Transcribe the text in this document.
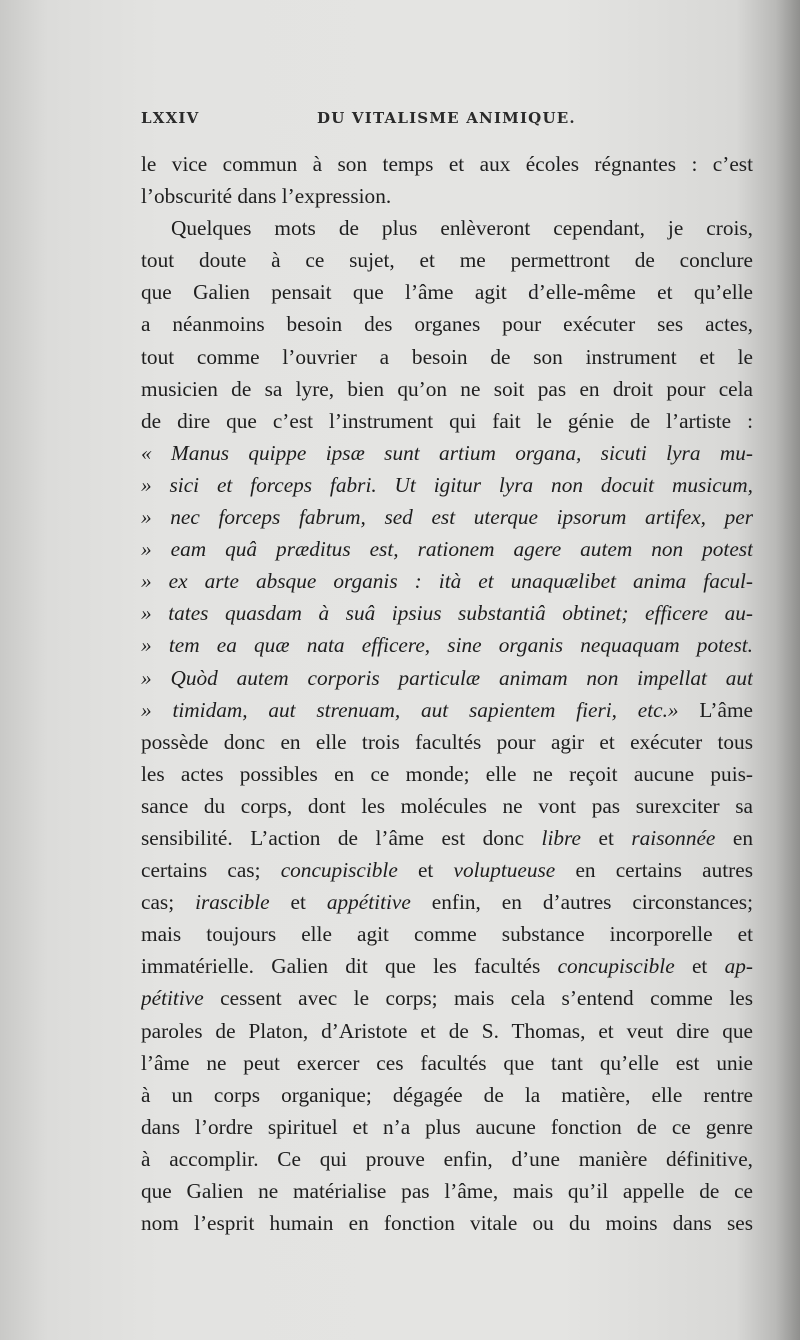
LXXIV	DU VITALISME ANIMIQUE.
le vice commun à son temps et aux écoles régnantes : c’est
l’obscurité dans l’expression.
Quelques mots de plus enlèveront cependant, je crois,
tout doute à ce sujet, et me permettront de conclure
que Galien pensait que l’âme agit d’elle-même et qu’elle
a néanmoins besoin des organes pour exécuter ses actes,
tout comme l’ouvrier a besoin de son instrument et le
musicien de sa lyre, bien qu’on ne soit pas en droit pour cela
de dire que c’est l’instrument qui fait le génie de l’artiste :
« Manus quippe ipsæ sunt artium organa, sicuti lyra mu-
» sici et forceps fabri. Ut igitur lyra non docuit musicum,
» nec forceps fabrum, sed est uterque ipsorum artifex, per
» eam quâ præditus est, rationem agere autem non potest
» ex arte absque organis : ità et unaquælibet anima facul-
» tates quasdam à suâ ipsius substantiâ obtinet; efficere au-
» tem ea quæ nata efficere, sine organis nequaquam potest.
» Quòd autem corporis particulæ animam non impellat aut
» timidam, aut strenuam, aut sapientem fieri, etc.» L’âme
possède donc en elle trois facultés pour agir et exécuter tous
les actes possibles en ce monde; elle ne reçoit aucune puis-
sance du corps, dont les molécules ne vont pas surexciter sa
sensibilité. L’action de l’âme est donc libre et raisonnée en
certains cas; concupiscible et voluptueuse en certains autres
cas; irascible et appétitive enfin, en d’autres circonstances;
mais toujours elle agit comme substance incorporelle et
immatérielle. Galien dit que les facultés concupiscible et ap-
pétitive cessent avec le corps; mais cela s’entend comme les
paroles de Platon, d’Aristote et de S. Thomas, et veut dire que
l’âme ne peut exercer ces facultés que tant qu’elle est unie
à un corps organique; dégagée de la matière, elle rentre
dans l’ordre spirituel et n’a plus aucune fonction de ce genre
à accomplir. Ce qui prouve enfin, d’une manière définitive,
que Galien ne matérialise pas l’âme, mais qu’il appelle de ce
nom l’esprit humain en fonction vitale ou du moins dans ses
